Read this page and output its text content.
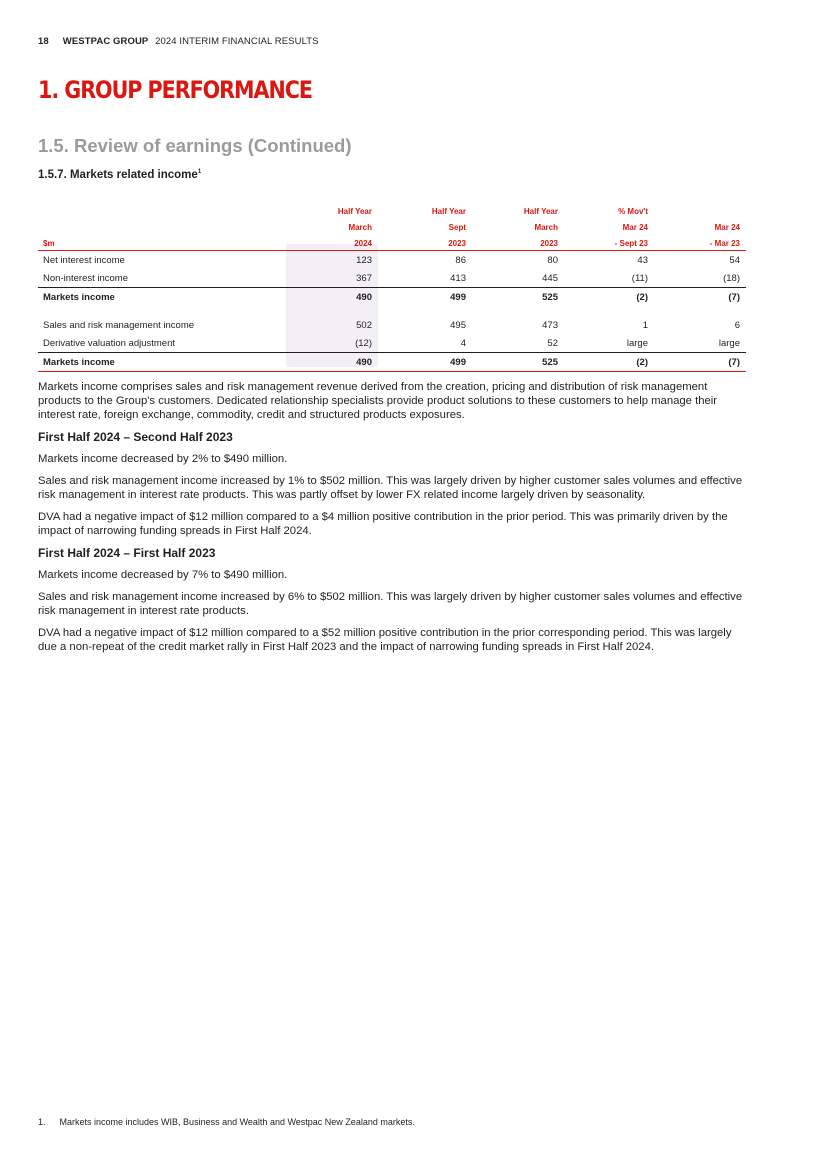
18 WESTPAC GROUP 2024 INTERIM FINANCIAL RESULTS
1. GROUP PERFORMANCE
1.5. Review of earnings (Continued)
1.5.7. Markets related income$^1$
	Half Year	Half Year	Half Year	% Mov't	
	March	Sept	March	Mar 24	Mar 24
$m	2024	2023	2023	- Sept 23	- Mar 23
Net interest income	123	86	80	43	54
Non-interest income	367	413	445	(11)	(18)
Markets income	490	499	525	(2)	(7)

Sales and risk management income	502	495	473	1	6
Derivative valuation adjustment	(12)	4	52	large	large
Markets income	490	499	525	(2)	(7)

Markets income comprises sales and risk management revenue derived from the creation, pricing and distribution of risk management products to the Group's customers. Dedicated relationship specialists provide product solutions to these customers to help manage their interest rate, foreign exchange, commodity, credit and structured products exposures.

First Half 2024 – Second Half 2023

Markets income decreased by 2% to $490 million.

Sales and risk management income increased by 1% to $502 million. This was largely driven by higher customer sales volumes and effective risk management in interest rate products. This was partly offset by lower FX related income largely driven by seasonality.

DVA had a negative impact of $12 million compared to a $4 million positive contribution in the prior period. This was primarily driven by the impact of narrowing funding spreads in First Half 2024.

First Half 2024 – First Half 2023

Markets income decreased by 7% to $490 million.

Sales and risk management income increased by 6% to $502 million. This was largely driven by higher customer sales volumes and effective risk management in interest rate products.

DVA had a negative impact of $12 million compared to a $52 million positive contribution in the prior corresponding period. This was largely due a non-repeat of the credit market rally in First Half 2023 and the impact of narrowing funding spreads in First Half 2024.

1. Markets income includes WIB, Business and Wealth and Westpac New Zealand markets.
